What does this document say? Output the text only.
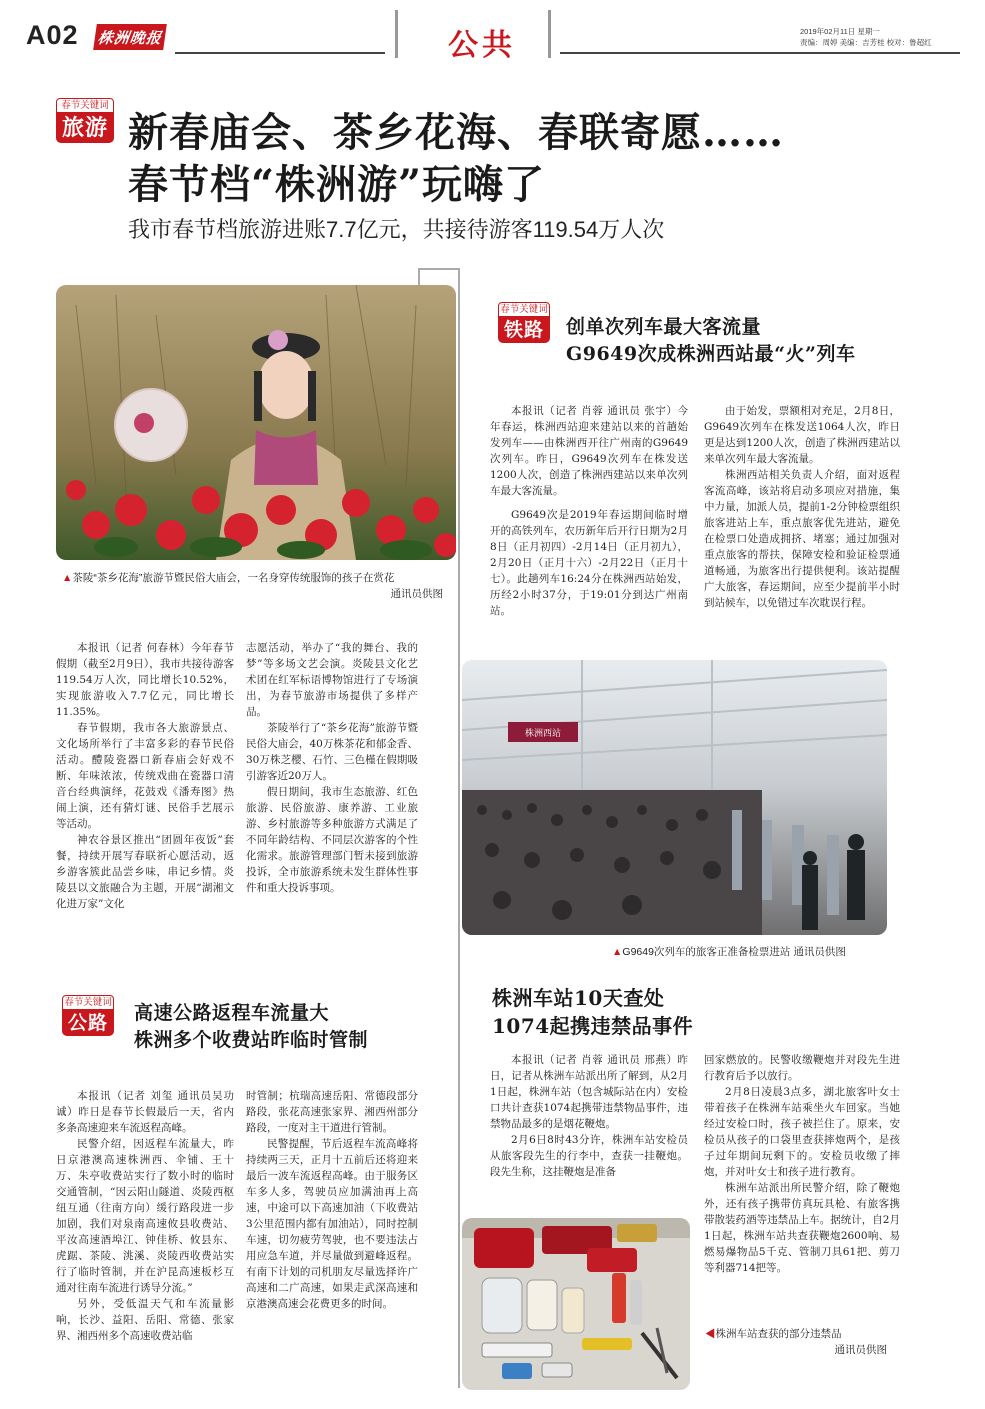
A02 株洲晚报	公共	2019年02月11日 星期一
责编：周婷 美编：吉芳桂 校对：鲁超红
春节关键词
旅游 新春庙会、茶乡花海、春联寄愿……
春节档“株洲游”玩嗨了
我市春节档旅游进账7.7亿元，共接待游客119.54万人次
▲茶陵“茶乡花海”旅游节暨民俗大庙会，一名身穿传统服饰的孩子在赏花
通讯员供图

本报讯（记者 何春林）今年春节假期（截至2月9日），我市共接待游客119.54万人次，同比增长10.52%，实现旅游收入7.7亿元，同比增长11.35%。

春节假期，我市各大旅游景点、文化场所举行了丰富多彩的春节民俗活动。醴陵瓷器口新春庙会好戏不断、年味浓浓，传统戏曲在瓷器口清音台经典演绎，花鼓戏《潘寿图》热闹上演，还有猜灯谜、民俗手艺展示等活动。

神农谷景区推出“团圆年夜饭”套餐，持续开展写春联祈心愿活动，返乡游客簇此品尝乡味，串记乡情。炎陵县以文旅融合为主题，开展“湖湘文化进万家”文化

志愿活动，举办了“我的舞台、我的梦”等多场文艺会演。炎陵县文化艺术团在红军标语博物馆进行了专场演出，为春节旅游市场提供了多样产品。

茶陵举行了“茶乡花海”旅游节暨民俗大庙会，40万株茶花和郁金香、30万株芝樱、石竹、三色槿在假期吸引游客近20万人。

假日期间，我市生态旅游、红色旅游、民俗旅游、康养游、工业旅游、乡村旅游等多种旅游方式满足了不同年龄结构、不同层次游客的个性化需求。旅游管理部门暂未接到旅游投诉，全市旅游系统未发生群体性事件和重大投诉事项。

春节关键词
铁路	创单次列车最大客流量
G9649次成株洲西站最“火”列车

本报讯（记者 肖蓉 通讯员 张宇）今年春运，株洲西站迎来建站以来的首趟始发列车——由株洲西开往广州南的G9649次列车。昨日，G9649次列车在株发送1200人次，创造了株洲西建站以来单次列车最大客流量。

G9649次是2019年春运期间临时增开的高铁列车，农历新年后开行日期为2月8日（正月初四）-2月14日（正月初九），2月20日（正月十六）-2月22日（正月十七）。此趟列车16:24分在株洲西站始发，历经2小时37分，于19:01分到达广州南站。

由于始发，票额相对充足，2月8日，G9649次列车在株发送1064人次，昨日更是达到1200人次，创造了株洲西建站以来单次列车最大客流量。

株洲西站相关负责人介绍，面对返程客流高峰，该站将启动多项应对措施，集中力量，加派人员，提前1-2分钟检票组织旅客进站上车，重点旅客优先进站，避免在检票口处造成拥挤、堵塞；通过加强对重点旅客的帮扶，保障安检和验证检票通道畅通，为旅客出行提供便利。该站提醒广大旅客，春运期间，应至少提前半小时到站候车，以免错过车次耽误行程。

株洲西站
▲G9649次列车的旅客正准备检票进站 通讯员供图
春节关键词
公路	高速公路返程车流量大
株洲多个收费站昨临时管制

本报讯（记者 刘玺 通讯员吴功诚）昨日是春节长假最后一天，省内多条高速迎来车流返程高峰。

民警介绍，因返程车流量大，昨日京港澳高速株洲西、伞铺、王十万、朱亭收费站实行了数小时的临时交通管制，“因云阳山隧道、炎陵西枢纽互通（往南方向）缓行路段进一步加剧，我们对泉南高速攸县收费站、平汝高速酒埠江、钟佳桥、攸县东、虎踞、茶陵、洮溪、炎陵西收费站实行了临时管制，并在沪昆高速板杉互通对往南车流进行诱导分流。”

另外，受低温天气和车流量影响，长沙、益阳、岳阳、常德、张家界、湘西州多个高速收费站临

时管制；杭瑞高速岳阳、常德段部分路段，张花高速张家界、湘西州部分路段，一度对主干道进行管制。

民警提醒，节后返程车流高峰将持续两三天，正月十五前后还将迎来最后一波车流返程高峰。由于服务区车多人多，驾驶员应加满油再上高速，中途可以下高速加油（下收费站3公里范围内都有加油站），同时控制车速，切勿疲劳驾驶，也不要违法占用应急车道，并尽量做到避峰返程。有南下计划的司机朋友尽量选择许广高速和二广高速，如果走武深高速和京港澳高速会花费更多的时间。

株洲车站10天查处
1074起携违禁品事件

本报讯（记者 肖蓉 通讯员 邢燕）昨日，记者从株洲车站派出所了解到，从2月1日起，株洲车站（包含城际站在内）安检口共计查获1074起携带违禁物品事件，违禁物品最多的是烟花鞭炮。

2月6日8时43分许，株洲车站安检员从旅客段先生的行李中，查获一挂鞭炮。段先生称，这挂鞭炮是准备

回家燃放的。民警收缴鞭炮并对段先生进行教育后予以放行。

2月8日凌晨3点多，湖北旅客叶女士带着孩子在株洲车站乘坐火车回家。当她经过安检口时，孩子被拦住了。原来，安检员从孩子的口袋里查获摔炮两个，是孩子过年期间玩剩下的。安检员收缴了摔炮，并对叶女士和孩子进行教育。

株洲车站派出所民警介绍，除了鞭炮外，还有孩子携带仿真玩具枪、有旅客携带散装药酒等违禁品上车。据统计，自2月1日起，株洲车站共查获鞭炮2600响、易燃易爆物品5千克、管制刀具61把、剪刀等利器714把等。

◀株洲车站查获的部分违禁品
通讯员供图
